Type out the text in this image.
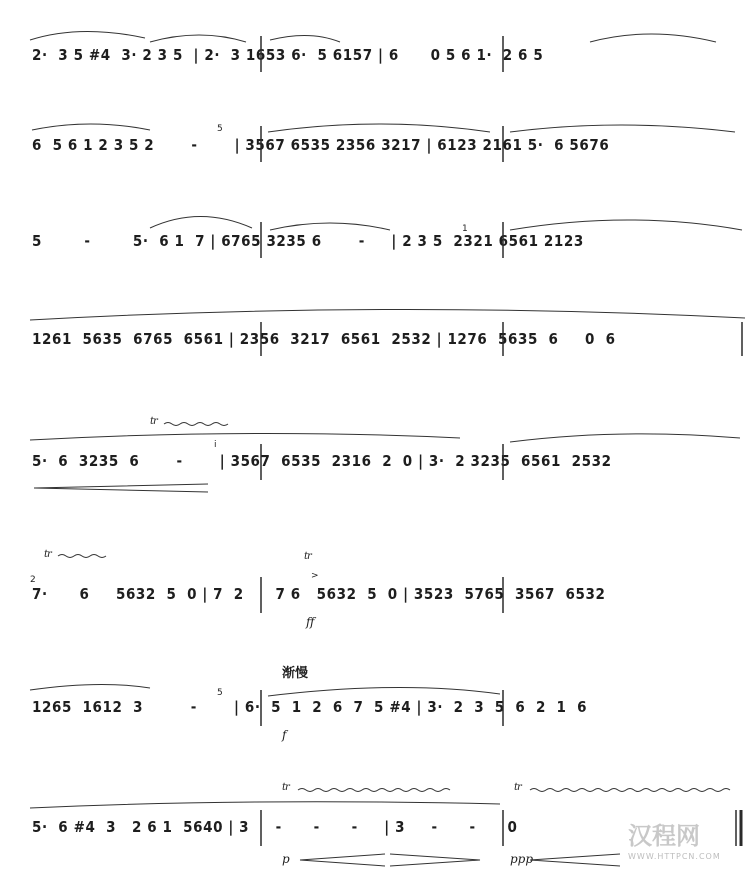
2·  3 5 #4  3· 2 3 5  | 2·  3 1653 6·  5 6157 | 6      0 5 6 1·  2 6 5
6  5 6 1 2 3 5 2       -       | 3567 6535 2356 3217 | 6123 2161 5·  6 5676
5
5        -        5·  6 1  7 | 6765 3235 6       -     | 2 3 5  2321 6561 2123
1
1261  5635  6765  6561 | 2356  3217  6561  2532 | 1276  5635  6     0  6
tr
i
5·  6  3235  6       -       | 3567  6535  2316  2  0 | 3·  2 3235  6561  2532
tr
2
tr
>
7·      6     5632  5  0 | 7  2      7 6   5632  5  0 | 3523  5765  3567  6532
ff
渐慢
5
1265  1612  3         -       | 6·  5  1  2  6  7  5 #4 | 3·  2  3  5  6  2  1  6
f
tr	tr
5·  6 #4  3   2 6 1  5640 | 3     -      -      -     | 3     -      -      0
p	ppp
汉程网
WWW.HTTPCN.COM
